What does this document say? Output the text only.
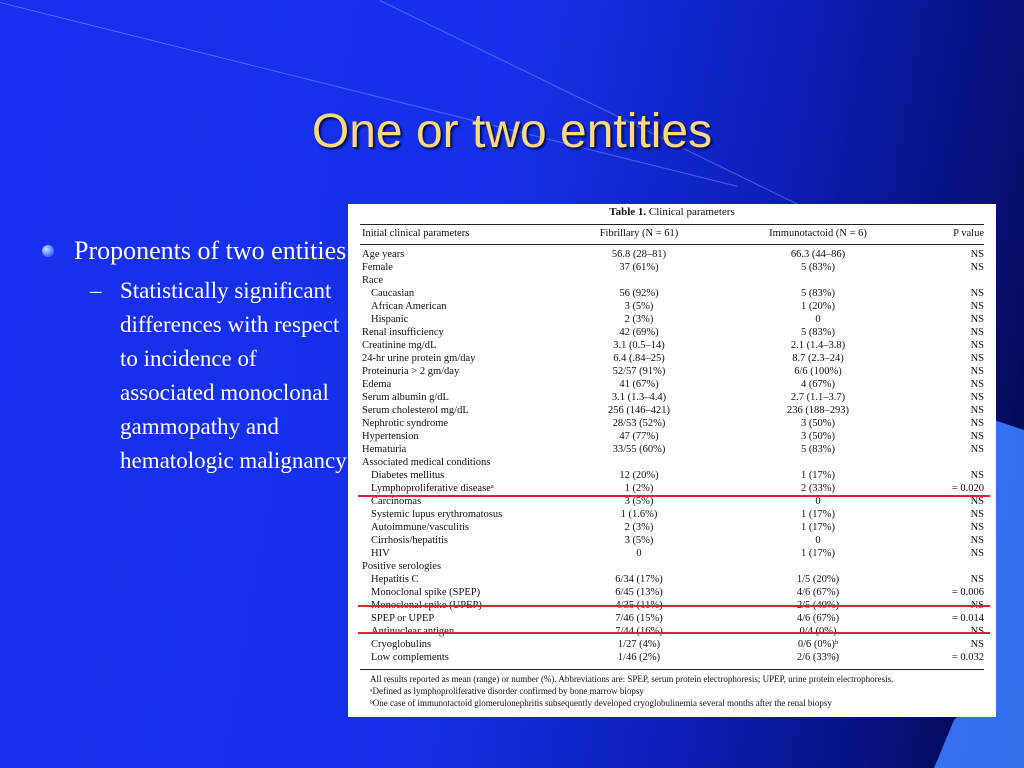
One or two entities
Proponents of two entities
– Statistically significant differences with respect to incidence of associated monoclonal gammopathy and hematologic malignancy
Table 1. Clinical parameters
Initial clinical parameters	Fibrillary (N = 61)	Immunotactoid (N = 6)	P value
Age years	56.8 (28–81)	66.3 (44–86)	NS
Female	37 (61%)	5 (83%)	NS
Race
Caucasian	56 (92%)	5 (83%)	NS
African American	3 (5%)	1 (20%)	NS
Hispanic	2 (3%)	0	NS
Renal insufficiency	42 (69%)	5 (83%)	NS
Creatinine mg/dL	3.1 (0.5–14)	2.1 (1.4–3.8)	NS
24-hr urine protein gm/day	6.4 (.84–25)	8.7 (2.3–24)	NS
Proteinuria > 2 gm/day	52/57 (91%)	6/6 (100%)	NS
Edema	41 (67%)	4 (67%)	NS
Serum albumin g/dL	3.1 (1.3–4.4)	2.7 (1.1–3.7)	NS
Serum cholesterol mg/dL	256 (146–421)	236 (188–293)	NS
Nephrotic syndrome	28/53 (52%)	3 (50%)	NS
Hypertension	47 (77%)	3 (50%)	NS
Hematuria	33/55 (60%)	5 (83%)	NS
Associated medical conditions
Diabetes mellitus	12 (20%)	1 (17%)	NS
Lymphoproliferative diseaseᵃ	1 (2%)	2 (33%)	= 0.020
Carcinomas	3 (5%)	0	NS
Systemic lupus erythromatosus	1 (1.6%)	1 (17%)	NS
Autoimmune/vasculitis	2 (3%)	1 (17%)	NS
Cirrhosis/hepatitis	3 (5%)	0	NS
HIV	0	1 (17%)	NS
Positive serologies
Hepatitis C	6/34 (17%)	1/5 (20%)	NS
Monoclonal spike (SPEP)	6/45 (13%)	4/6 (67%)	= 0.006
Monoclonal spike (UPEP)	4/35 (11%)	2/5 (40%)	NS
SPEP or UPEP	7/46 (15%)	4/6 (67%)	= 0.014
Antinuclear antigen	7/44 (16%)	0/4 (0%)	NS
Cryoglobulins	1/27 (4%)	0/6 (0%)ᵇ	NS
Low complements	1/46 (2%)	2/6 (33%)	= 0.032
All results reported as mean (range) or number (%). Abbreviations are: SPEP, serum protein electrophoresis; UPEP, urine protein electrophoresis.
ᵃDefined as lymphoproliferative disorder confirmed by bone marrow biopsy
ᵇOne case of immunotactoid glomerulonephritis subsequently developed cryoglobulinemia several months after the renal biopsy
